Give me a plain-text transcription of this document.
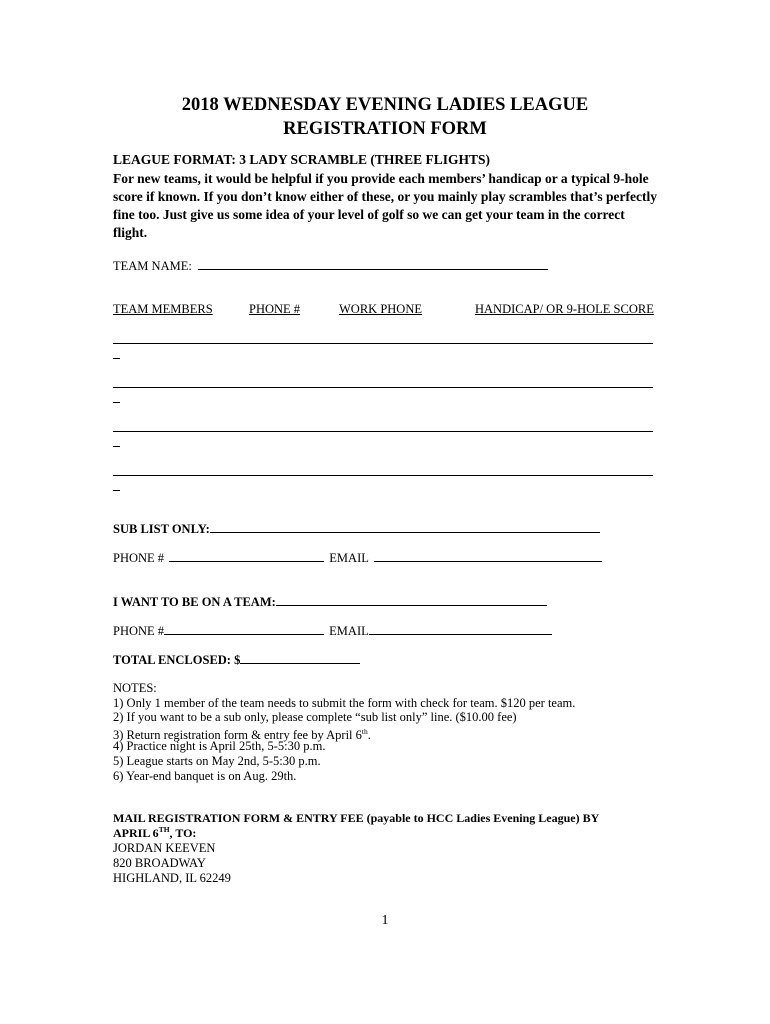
2018 WEDNESDAY EVENING LADIES LEAGUE
REGISTRATION FORM
LEAGUE FORMAT: 3 LADY SCRAMBLE (THREE FLIGHTS)
For new teams, it would be helpful if you provide each members’ handicap or a typical 9-hole score if known. If you don’t know either of these, or you mainly play scrambles that’s perfectly fine too. Just give us some idea of your level of golf so we can get your team in the correct flight.
TEAM NAME:
TEAM MEMBERS	PHONE #	WORK PHONE	HANDICAP/ OR 9-HOLE SCORE
SUB LIST ONLY:
PHONE #	EMAIL
I WANT TO BE ON A TEAM:
PHONE #	EMAIL
TOTAL ENCLOSED: $
NOTES:
1) Only 1 member of the team needs to submit the form with check for team. $120 per team.
2) If you want to be a sub only, please complete “sub list only” line. ($10.00 fee)
3) Return registration form & entry fee by April 6th.
4) Practice night is April 25th, 5-5:30 p.m.
5) League starts on May 2nd, 5-5:30 p.m.
6) Year-end banquet is on Aug. 29th.
MAIL REGISTRATION FORM & ENTRY FEE (payable to HCC Ladies Evening League) BY
APRIL 6TH, TO:
JORDAN KEEVEN
820 BROADWAY
HIGHLAND, IL 62249
1
